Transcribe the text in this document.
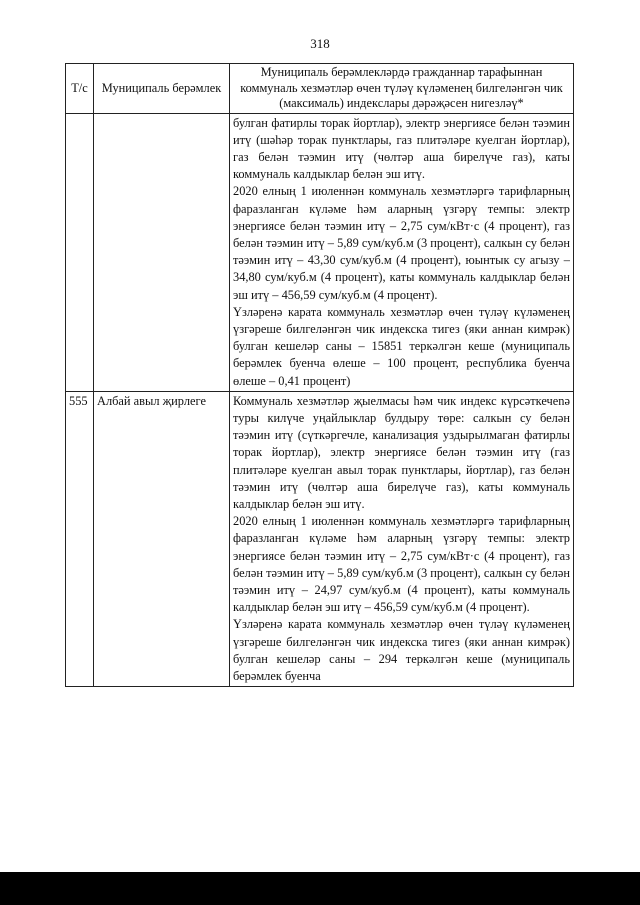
318
Т/с	Муниципаль берәмлек	Муниципаль берәмлекләрдә гражданнар тарафыннан коммуналь хезмәтләр өчен түләү күләменең билгеләнгән чик (максималь) индекслары дәрәҗәсен нигезләү*

		булган фатирлы торак йортлар), электр энергиясе белән тәэмин итү (шәһәр торак пунктлары, газ плитәләре куелган йортлар), газ белән тәэмин итү (чөлтәр аша бирелүче газ), каты коммуналь калдыклар белән эш итү.

2020 елның 1 июленнән коммуналь хезмәтләргә тарифларның фаразланган күләме һәм аларның үзгәрү темпы: электр энергиясе белән тәэмин итү – 2,75 сум/кВт·с (4 процент), газ белән тәэмин итү – 5,89 сум/куб.м (3 процент), салкын су белән тәэмин итү – 43,30 сум/куб.м (4 процент), юынтык су агызу – 34,80 сум/куб.м (4 процент), каты коммуналь калдыклар белән эш итү – 456,59 сум/куб.м (4 процент).

Үзләренә карата коммуналь хезмәтләр өчен түләү күләменең үзгәреше билгеләнгән чик индекска тигез (яки аннан кимрәк) булган кешеләр саны – 15851 теркәлгән кеше (муниципаль берәмлек буенча өлеше – 100 процент, республика буенча өлеше – 0,41 процент)

555	Албай авыл җирлеге	Коммуналь хезмәтләр җыелмасы һәм чик индекс күрсәткечenә туры килүче уңайлыклар булдыру төре: салкын су белән тәэмин итү (сүткәргечле, канализация уздырылмаган фатирлы торак йортлар), электр энергиясе белән тәэмин итү (газ плитәләре куелган авыл торак пунктлары, йортлар), газ белән тәэмин итү (чөлтәр аша бирелүче газ), каты коммуналь калдыклар белән эш итү.

2020 елның 1 июленнән коммуналь хезмәтләргә тарифларның фаразланган күләме һәм аларның үзгәрү темпы: электр энергиясе белән тәэмин итү – 2,75 сум/кВт·с (4 процент), газ белән тәэмин итү – 5,89 сум/куб.м (3 процент), салкын су белән тәэмин итү – 24,97 сум/куб.м (4 процент), каты коммуналь калдыклар белән эш итү – 456,59 сум/куб.м (4 процент).

Үзләренә карата коммуналь хезмәтләр өчен түләү күләменең үзгәреше билгеләнгән чик индекска тигез (яки аннан кимрәк) булган кешеләр саны – 294 теркәлгән кеше (муниципаль берәмлек буенча
